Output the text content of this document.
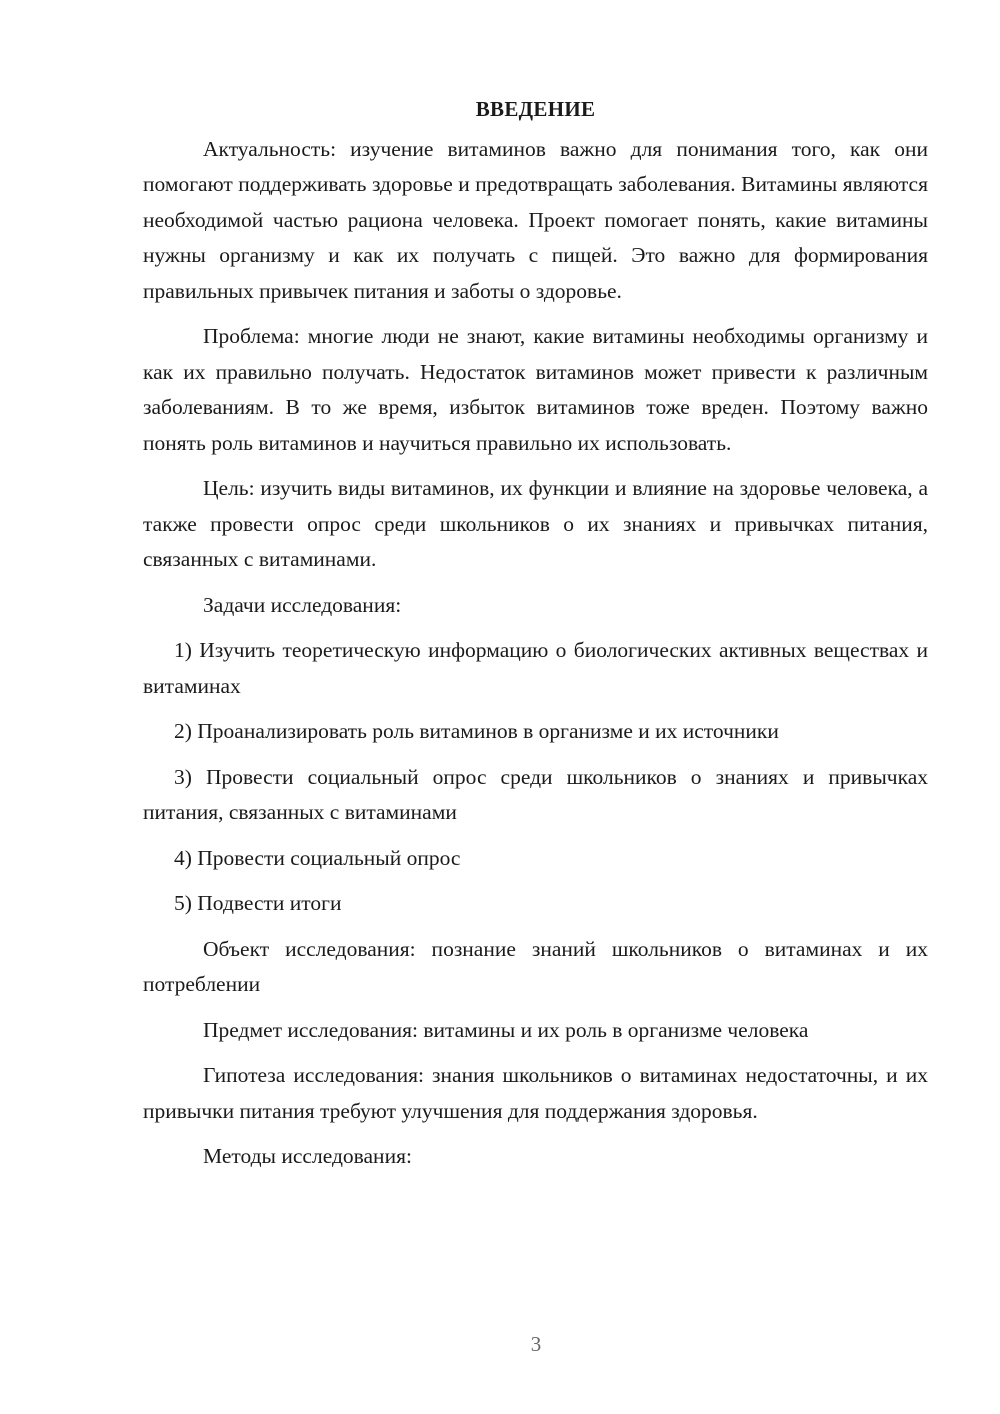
ВВЕДЕНИЕ

Актуальность: изучение витаминов важно для понимания того, как они помогают поддерживать здоровье и предотвращать заболевания. Витамины являются необходимой частью рациона человека. Проект помогает понять, какие витамины нужны организму и как их получать с пищей. Это важно для формирования правильных привычек питания и заботы о здоровье.

Проблема: многие люди не знают, какие витамины необходимы организму и как их правильно получать. Недостаток витаминов может привести к различным заболеваниям. В то же время, избыток витаминов тоже вреден. Поэтому важно понять роль витаминов и научиться правильно их использовать.

Цель: изучить виды витаминов, их функции и влияние на здоровье человека, а также провести опрос среди школьников о их знаниях и привычках питания, связанных с витаминами.

Задачи исследования:

1) Изучить теоретическую информацию о биологических активных веществах и витаминах

2) Проанализировать роль витаминов в организме и их источники

3) Провести социальный опрос среди школьников о знаниях и привычках питания, связанных с витаминами

4) Провести социальный опрос

5) Подвести итоги

Объект исследования: познание знаний школьников о витаминах и их потреблении

Предмет исследования: витамины и их роль в организме человека

Гипотеза исследования: знания школьников о витаминах недостаточны, и их привычки питания требуют улучшения для поддержания здоровья.

Методы исследования:

3
